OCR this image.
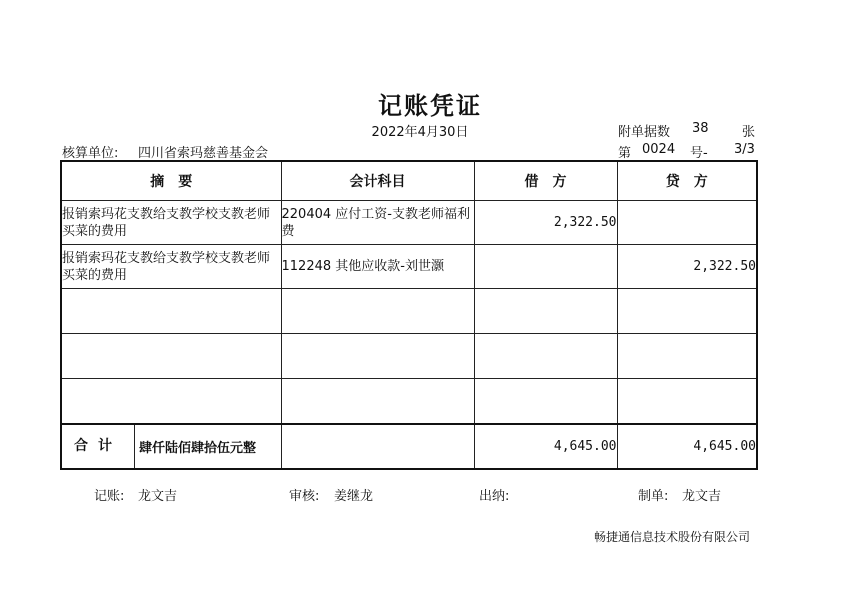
记账凭证
2022年4月30日	附单据数 38	张
核算单位: 四川省索玛慈善基金会	第 0024 号- 3/3
摘　要	会计科目	借　方	贷　方
报销索玛花支教给支教学校支教老师买菜的费用	220404 应付工资-支教老师福利费	2,322.50	
报销索玛花支教给支教学校支教老师买菜的费用	112248 其他应收款-刘世灏		2,322.50

合计 肆仟陆佰肆拾伍元整		4,645.00	4,645.00
记账: 龙文吉	审核: 姜继龙	出纳:	制单: 龙文吉
畅捷通信息技术股份有限公司
